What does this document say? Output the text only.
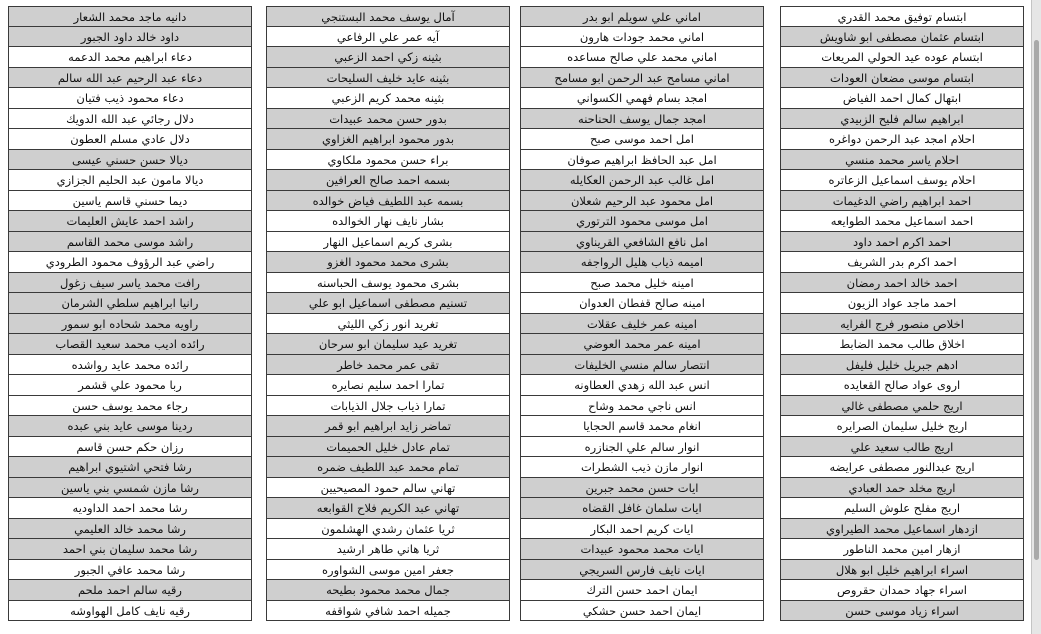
ابتسام توفيق محمد القدري
ابتسام عثمان مصطفى ابو شاويش
ابتسام عوده عيد الحولي المريعات
ابتسام موسى مضعان العودات
ابتهال كمال احمد الفياض
ابراهيم سالم فليح الزبيدي
احلام امجد عبد الرحمن دواغره
احلام ياسر محمد منسي
احلام يوسف اسماعيل الزعاتره
احمد ابراهيم راضي الدغيمات
احمد اسماعيل محمد الطوايعه
احمد اكرم احمد داود
احمد اكرم بدر الشريف
احمد خالد احمد رمضان
احمد ماجد عواد الزيون
اخلاص منصور فرج الفرايه
اخلاق طالب محمد الضابط
ادهم جبريل خليل فليفل
اروى عواد صالح القعايده
اريج حلمي مصطفى غالي
اريج خليل سليمان الصرايره
اريج طالب سعيد علي
اريج عبدالنور مصطفى عرايضه
اريج مخلد حمد العبادي
اريج مفلح علوش السليم
ازدهار اسماعيل محمد الطيراوي
ازهار امين محمد الناطور
اسراء ابراهيم خليل ابو هلال
اسراء جهاد حمدان حقروص
اسراء زياد موسى حسن
اماني علي سويلم ابو بدر
اماني محمد جودات هارون
اماني محمد علي صالح مساعده
اماني مسامح عبد الرحمن ابو مسامح
امجد بسام فهمي الكسواني
امجد جمال يوسف الحناحنه
امل احمد موسى صبح
امل عبد الحافظ ابراهيم صوفان
امل غالب عبد الرحمن العكايله
امل محمود عبد الرحيم شعلان
امل موسى محمود الترتوري
امل نافع الشافعي القريناوي
اميمه ذياب هليل الرواجفه
امينه خليل محمد صبح
امينه صالح قفطان العدوان
امينه عمر خليف عقلات
امينه عمر محمد العوضي
انتصار سالم منسي الخليفات
انس عبد الله زهدي العطاونه
انس ناجي محمد وشاح
انغام محمد قاسم الحجايا
انوار سالم علي الجنازره
انوار مازن ذيب الشطرات
ايات حسن محمد جبرين
ايات سلمان غافل القضاه
ايات كريم احمد البكار
ايات محمد محمود عبيدات
ايات نايف فارس السريجي
ايمان احمد حسن الترك
ايمان احمد حسن حشكي
آمال يوسف محمد البستنجي
آيه عمر علي الرفاعي
بثينه زكي احمد الزعبي
بثينه عايد خليف السليحات
بثينه محمد كريم الزعبي
بدور حسن محمد عبيدات
بدور محمود ابراهيم الغزاوي
براء حسن محمود ملكاوي
بسمه احمد صالح العرافين
بسمه عبد اللطيف فياض خوالده
بشار نايف نهار الخوالده
بشرى كريم اسماعيل النهار
بشرى محمد محمود الغزو
بشرى محمود يوسف الحباسنه
تسنيم مصطفى اسماعيل ابو علي
تغريد انور زكي الليثي
تغريد عيد سليمان ابو سرحان
تقى عمر محمد خاطر
تمارا احمد سليم نصايره
تمارا ذياب جلال الذيابات
تماضر زايد ابراهيم ابو قمر
تمام عادل خليل الحميمات
تمام محمد عبد اللطيف ضمره
تهاني سالم حمود المصيحيين
تهاني عبد الكريم فلاح القوابعه
ثريا عثمان رشدي الهشلمون
ثريا هاني طاهر ارشيد
جعفر امين موسى الشواوره
جمال محمد محمود بطيحه
جميله احمد شافي شواقفه
دانيه ماجد محمد الشعار
داود خالد داود الجبور
دعاء ابراهيم محمد الدعمه
دعاء عبد الرحيم عبد الله سالم
دعاء محمود ذيب فتيان
دلال رجائي عبد الله الدويك
دلال عادي مسلم العطون
ديالا حسن حسني عيسى
ديالا مامون عبد الحليم الجزازي
ديما حسني قاسم ياسين
راشد احمد عايش العليمات
راشد موسى محمد القاسم
راضي عبد الرؤوف محمود الطرودي
رافت محمد ياسر سيف زغول
رانيا ابراهيم سلطي الشرمان
راويه محمد شحاده ابو سمور
رائده اديب محمد سعيد القصاب
رائده محمد عايد رواشده
ربا محمود علي قشمر
رجاء محمد يوسف حسن
ردينا موسى عايد بني عبده
رزان حكم حسن قاسم
رشا فتحي اشتيوي ابراهيم
رشا مازن شمسي بني ياسين
رشا محمد احمد الداوديه
رشا محمد خالد العليمي
رشا محمد سليمان بني احمد
رشا محمد عافي الجبور
رقيه سالم احمد ملحم
رقيه نايف كامل الهواوشه
